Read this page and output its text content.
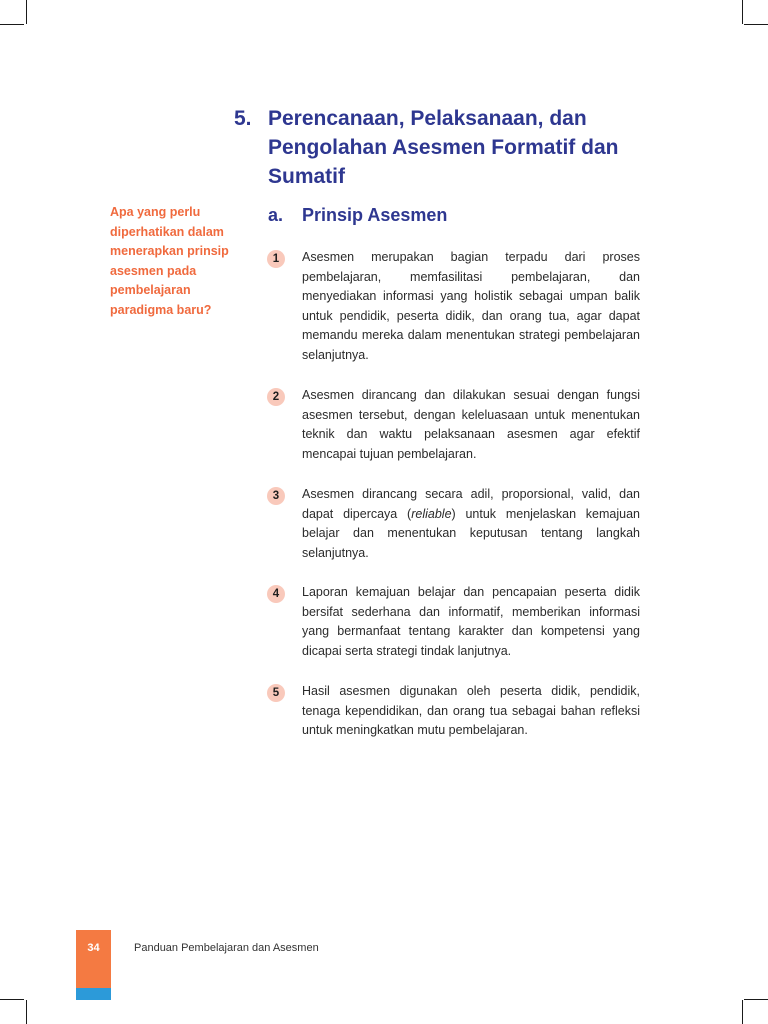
5. Perencanaan, Pelaksanaan, dan Pengolahan Asesmen Formatif dan Sumatif
Apa yang perlu diperhatikan dalam menerapkan prinsip asesmen pada pembelajaran paradigma baru?
a. Prinsip Asesmen
1	Asesmen merupakan bagian terpadu dari proses pembelajaran, memfasilitasi pembelajaran, dan menyediakan informasi yang holistik sebagai umpan balik untuk pendidik, peserta didik, dan orang tua, agar dapat memandu mereka dalam menentukan strategi pembelajaran selanjutnya.
2	Asesmen dirancang dan dilakukan sesuai dengan fungsi asesmen tersebut, dengan keleluasaan untuk menentukan teknik dan waktu pelaksanaan asesmen agar efektif mencapai tujuan pembelajaran.
3	Asesmen dirancang secara adil, proporsional, valid, dan dapat dipercaya (reliable) untuk menjelaskan kemajuan belajar dan menentukan keputusan tentang langkah selanjutnya.
4	Laporan kemajuan belajar dan pencapaian peserta didik bersifat sederhana dan informatif, memberikan informasi yang bermanfaat tentang karakter dan kompetensi yang dicapai serta strategi tindak lanjutnya.
5	Hasil asesmen digunakan oleh peserta didik, pendidik, tenaga kependidikan, dan orang tua sebagai bahan refleksi untuk meningkatkan mutu pembelajaran.
34	Panduan Pembelajaran dan Asesmen
